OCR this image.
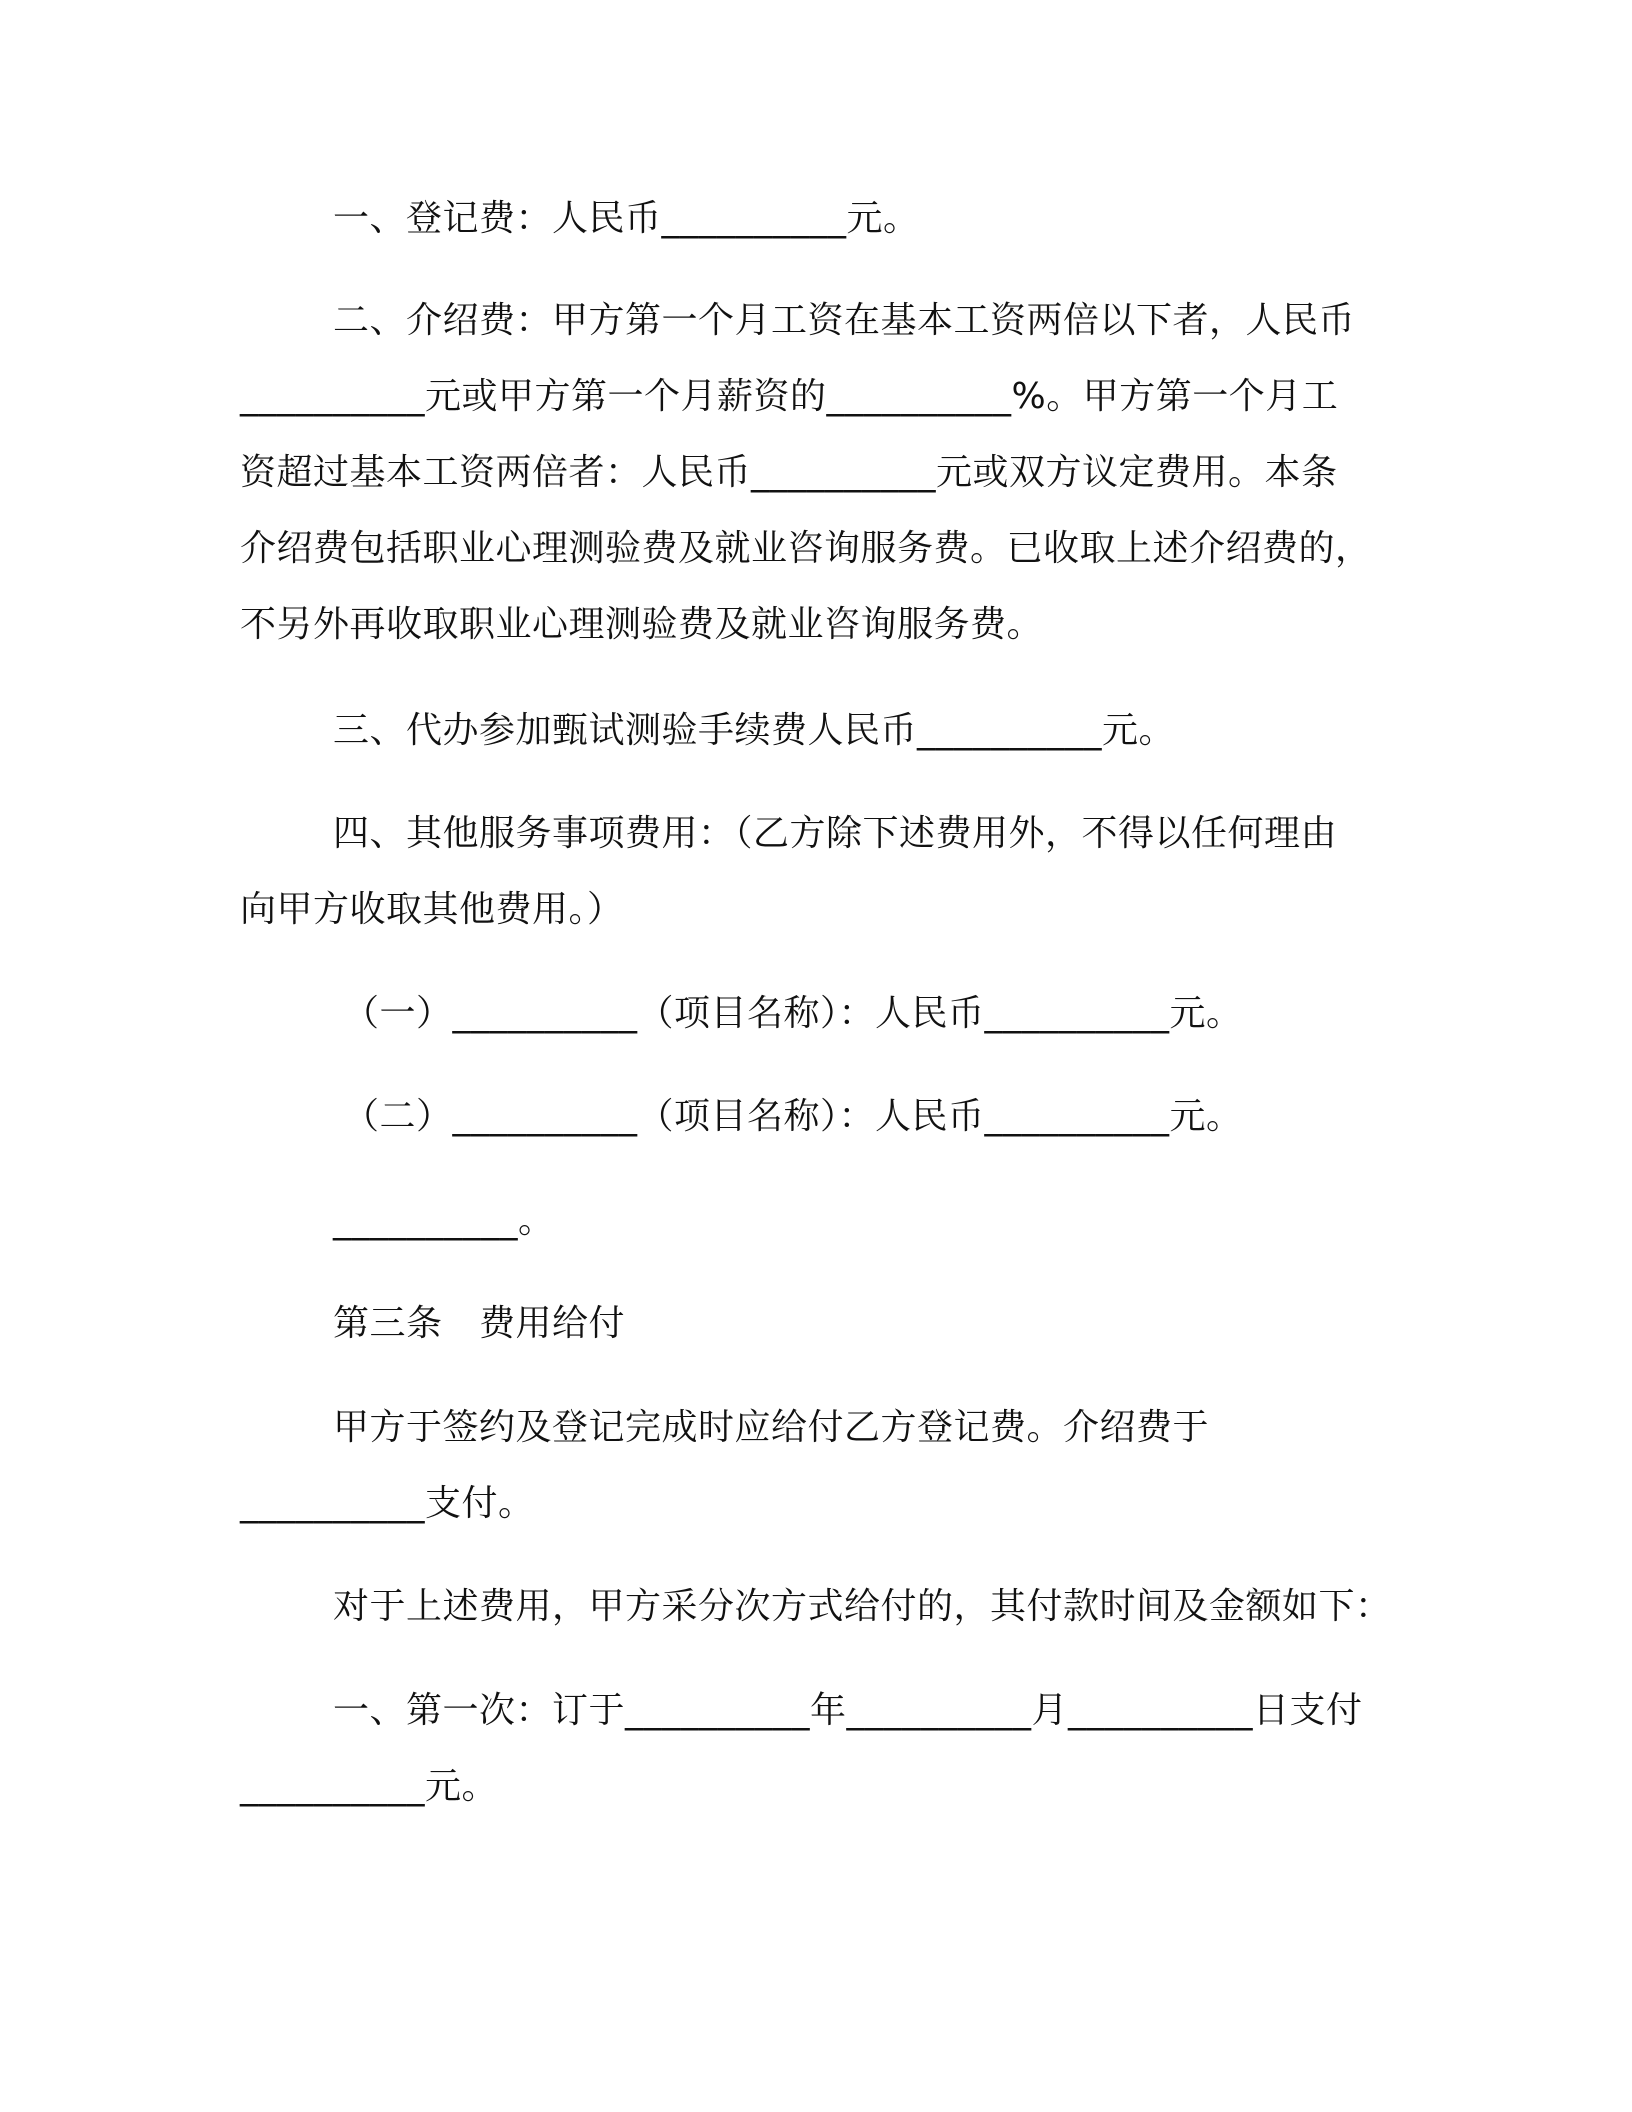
一、登记费：人民币__________元。
二、介绍费：甲方第一个月工资在基本工资两倍以下者，人民币
__________元或甲方第一个月薪资的__________%。甲方第一个月工
资超过基本工资两倍者：人民币__________元或双方议定费用。本条
介绍费包括职业心理测验费及就业咨询服务费。已收取上述介绍费的，
不另外再收取职业心理测验费及就业咨询服务费。
三、代办参加甄试测验手续费人民币__________元。
四、其他服务事项费用：（乙方除下述费用外，不得以任何理由
向甲方收取其他费用。）
（一）__________（项目名称）：人民币__________元。
（二）__________（项目名称）：人民币__________元。
__________。
第三条　费用给付
甲方于签约及登记完成时应给付乙方登记费。介绍费于
__________支付。
对于上述费用，甲方采分次方式给付的，其付款时间及金额如下：
一、第一次：订于__________年__________月__________日支付
__________元。
